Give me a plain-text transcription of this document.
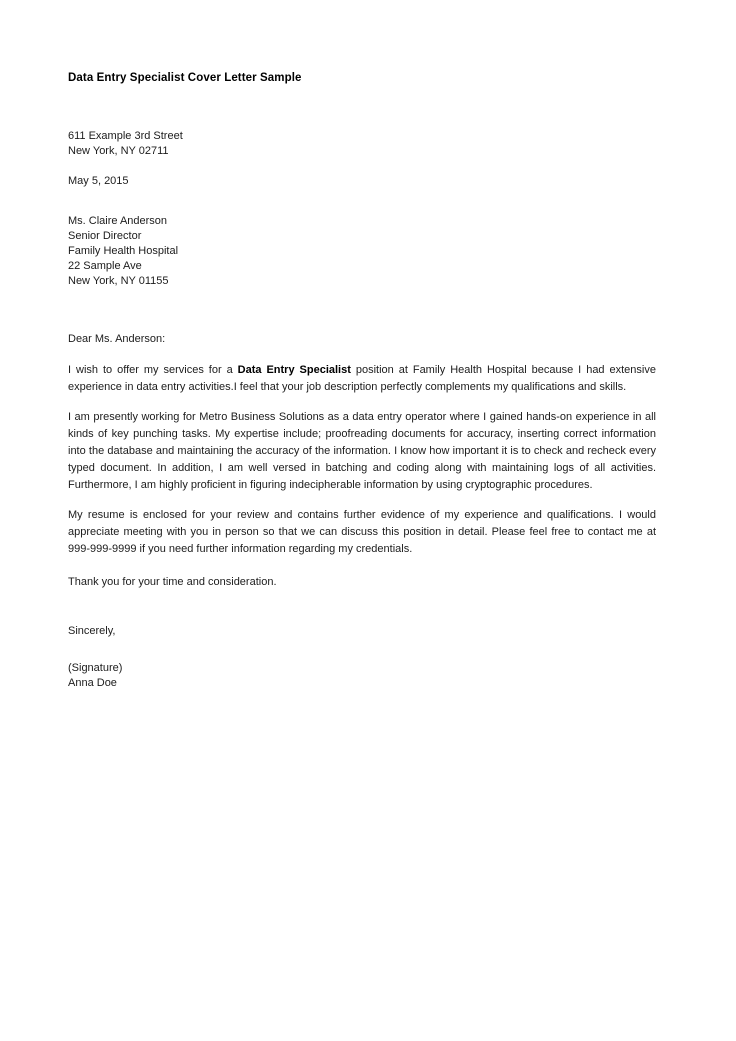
Data Entry Specialist Cover Letter Sample
611 Example 3rd Street
New York, NY 02711
May 5, 2015
Ms. Claire Anderson
Senior Director
Family Health Hospital
22 Sample Ave
New York, NY 01155
Dear Ms. Anderson:

I wish to offer my services for a Data Entry Specialist position at Family Health Hospital because I had extensive experience in data entry activities.I feel that your job description perfectly complements my qualifications and skills.

I am presently working for Metro Business Solutions as a data entry operator where I gained hands-on experience in all kinds of key punching tasks. My expertise include; proofreading documents for accuracy, inserting correct information into the database and maintaining the accuracy of the information. I know how important it is to check and recheck every typed document. In addition, I am well versed in batching and coding along with maintaining logs of all activities. Furthermore, I am highly proficient in figuring indecipherable information by using cryptographic procedures.

My resume is enclosed for your review and contains further evidence of my experience and qualifications. I would appreciate meeting with you in person so that we can discuss this position in detail. Please feel free to contact me at 999-999-9999 if you need further information regarding my credentials.

Thank you for your time and consideration.

Sincerely,
(Signature)
Anna Doe
